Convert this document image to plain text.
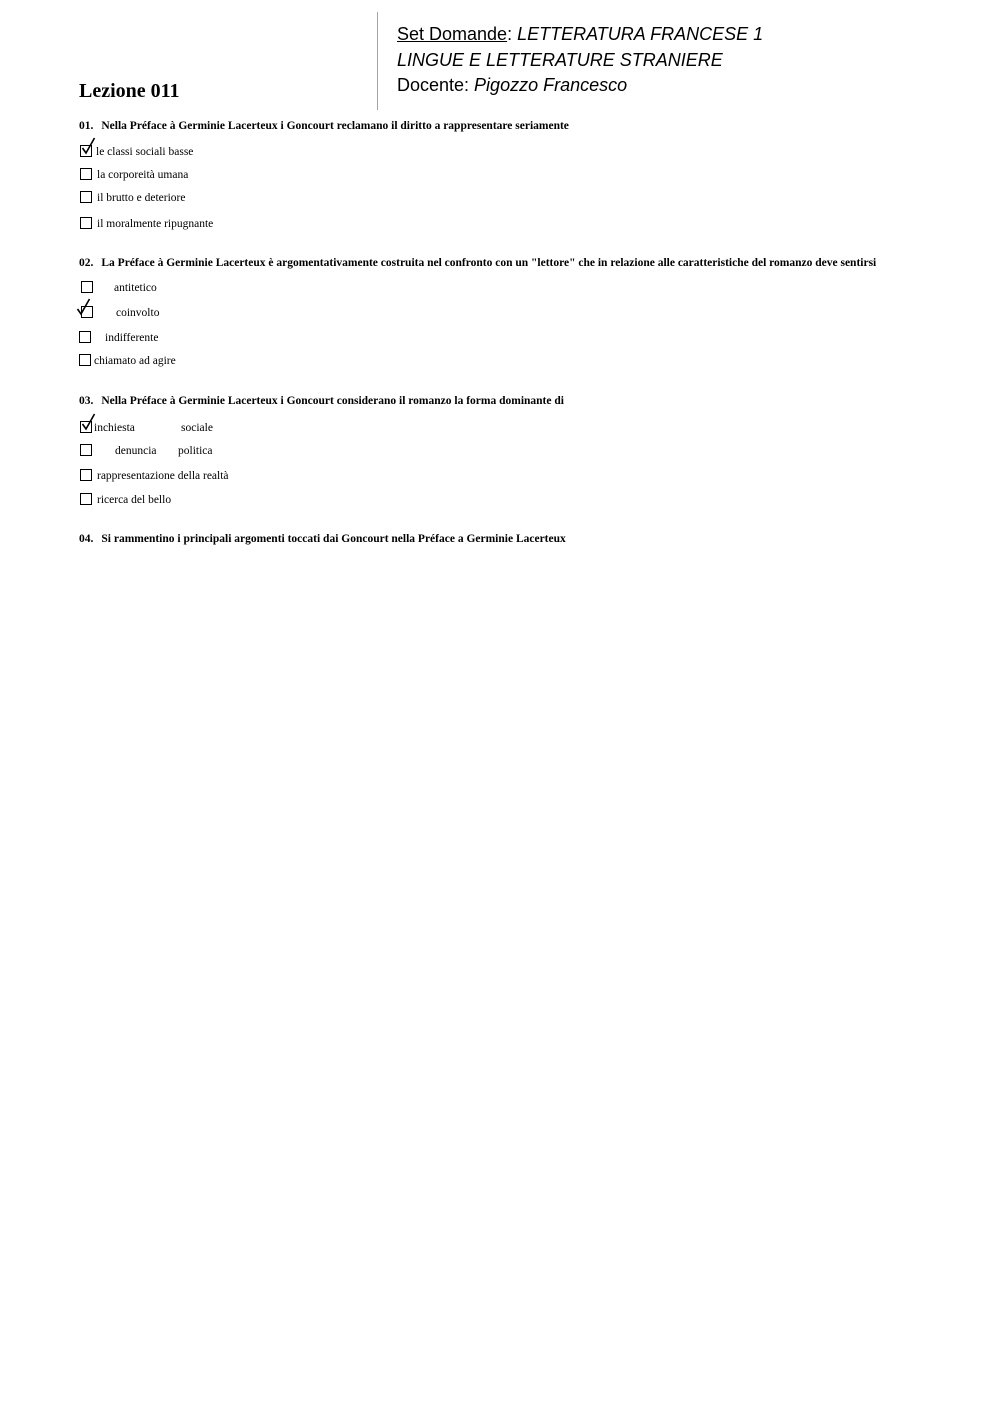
Set Domande: LETTERATURA FRANCESE 1
LINGUE E LETTERATURE STRANIERE
Docente: Pigozzo Francesco
Lezione 011
01. Nella Préface à Germinie Lacerteux i Goncourt reclamano il diritto a rappresentare seriamente
le classi sociali basse
la corporeità umana
il brutto e deteriore
il moralmente ripugnante
02. La Préface à Germinie Lacerteux è argomentativamente costruita nel confronto con un "lettore" che in relazione alle caratteristiche del romanzo deve sentirsi
antitetico
coinvolto
indifferente
chiamato ad agire
03. Nella Préface à Germinie Lacerteux i Goncourt considerano il romanzo la forma dominante di
inchiesta	sociale
denuncia politica
rappresentazione della realtà
ricerca del bello
04. Si rammentino i principali argomenti toccati dai Goncourt nella Préface a Germinie Lacerteux
